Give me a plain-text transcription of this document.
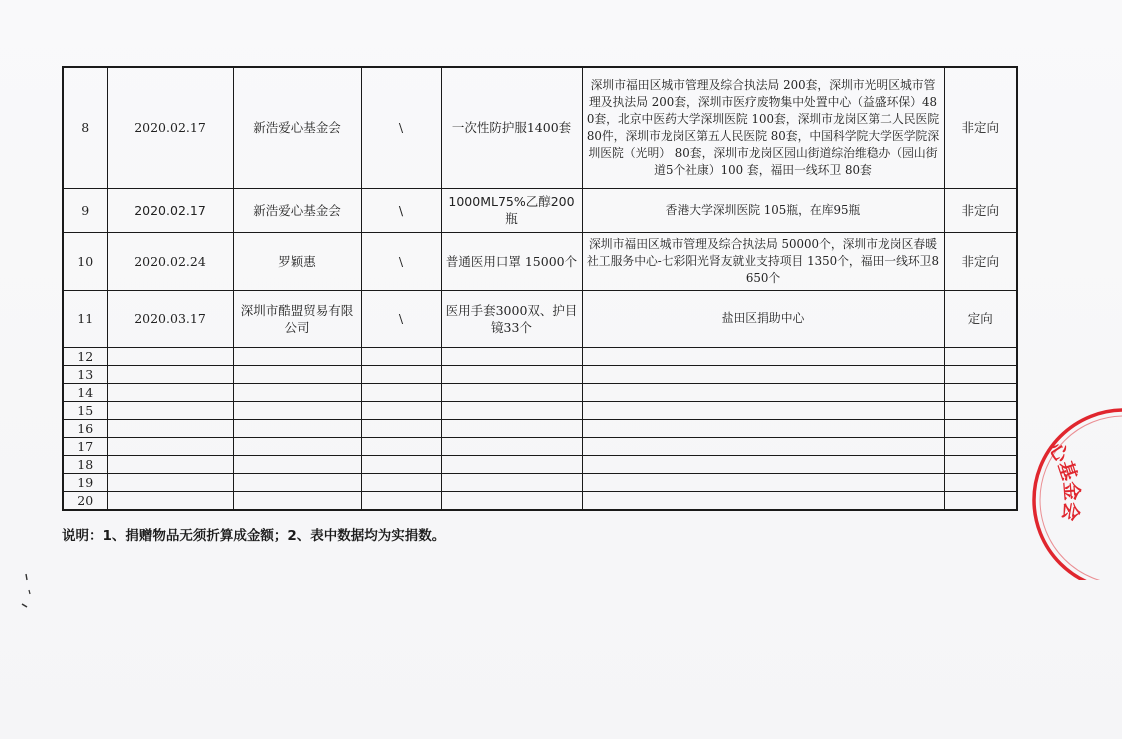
8	2020.02.17	新浩爱心基金会	\	一次性防护服1400套	深圳市福田区城市管理及综合执法局 200套，深圳市光明区城市管理及执法局 200套，深圳市医疗废物集中处置中心（益盛环保）480套，北京中医药大学深圳医院 100套，深圳市龙岗区第二人民医院80件，深圳市龙岗区第五人民医院 80套，中国科学院大学医学院深圳医院（光明） 80套，深圳市龙岗区园山街道综治维稳办（园山街道5个社康）100 套，福田一线环卫 80套	非定向
9	2020.02.17	新浩爱心基金会	\	1000ML75%乙醇200瓶	香港大学深圳医院 105瓶，在库95瓶	非定向
10	2020.02.24	罗颖惠	\	普通医用口罩 15000个	深圳市福田区城市管理及综合执法局 50000个，深圳市龙岗区春暖社工服务中心-七彩阳光肾友就业支持项目 1350个，福田一线环卫8650个	非定向
11	2020.03.17	深圳市酷盟贸易有限公司	\	医用手套3000双、护目镜33个	盐田区捐助中心	定向
12						
13						
14						
15						
16						
17						
18						
19						
20						
说明：1、捐赠物品无须折算成金额；2、表中数据均为实捐数。
心基金会
